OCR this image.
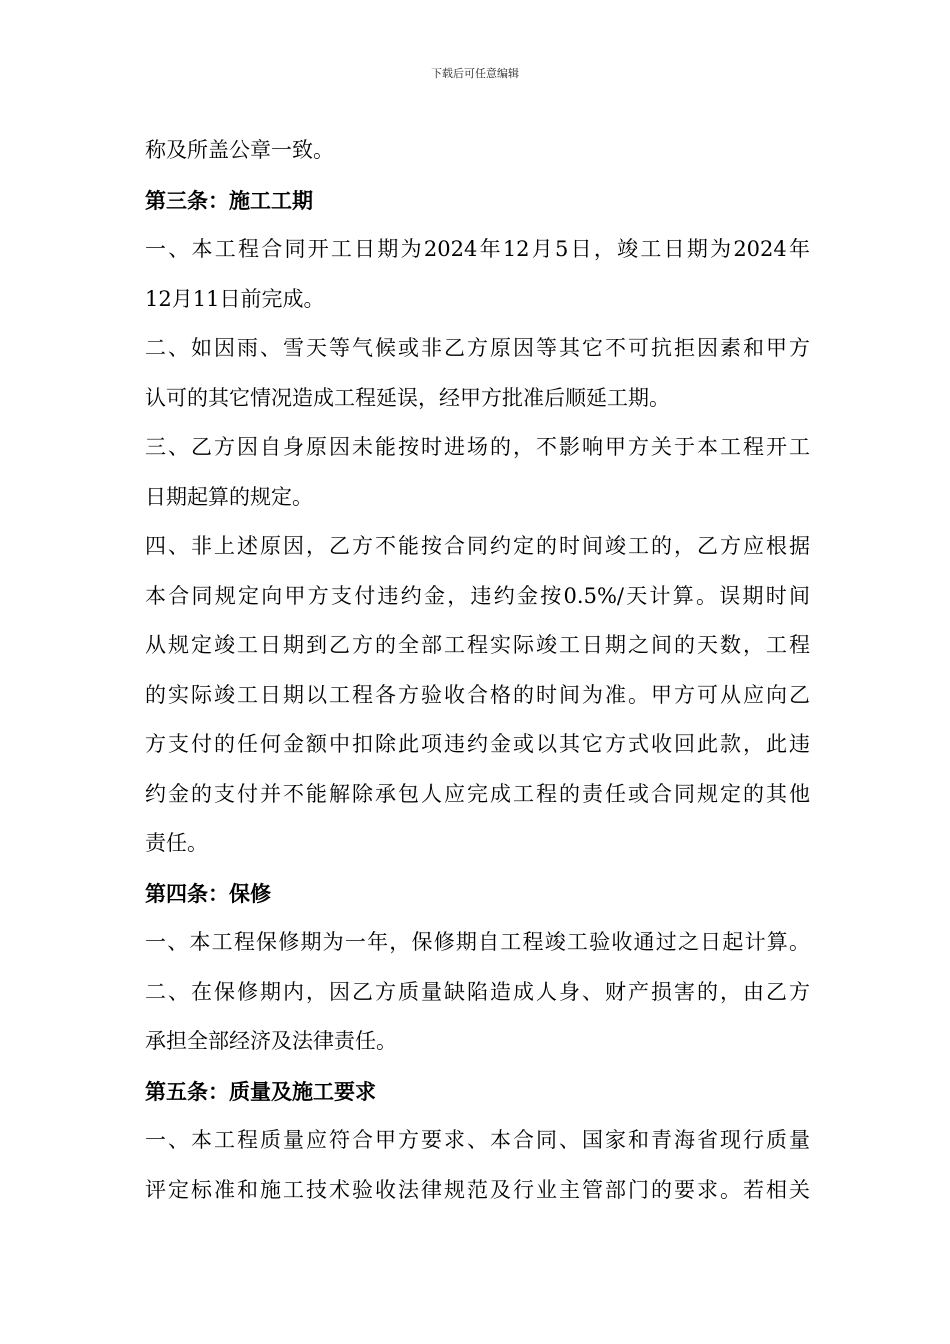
下载后可任意编辑
称及所盖公章一致。
第三条：施工工期
一、本工程合同开工日期为2024年12月5日，竣工日期为2024年
12月11日前完成。
二、如因雨、雪天等气候或非乙方原因等其它不可抗拒因素和甲方
认可的其它情况造成工程延误，经甲方批准后顺延工期。
三、乙方因自身原因未能按时进场的，不影响甲方关于本工程开工
日期起算的规定。
四、非上述原因，乙方不能按合同约定的时间竣工的，乙方应根据
本合同规定向甲方支付违约金，违约金按0.5%/天计算。误期时间
从规定竣工日期到乙方的全部工程实际竣工日期之间的天数，工程
的实际竣工日期以工程各方验收合格的时间为准。甲方可从应向乙
方支付的任何金额中扣除此项违约金或以其它方式收回此款，此违
约金的支付并不能解除承包人应完成工程的责任或合同规定的其他
责任。
第四条：保修
一、本工程保修期为一年，保修期自工程竣工验收通过之日起计算。
二、在保修期内，因乙方质量缺陷造成人身、财产损害的，由乙方
承担全部经济及法律责任。
第五条：质量及施工要求
一、本工程质量应符合甲方要求、本合同、国家和青海省现行质量
评定标准和施工技术验收法律规范及行业主管部门的要求。若相关
